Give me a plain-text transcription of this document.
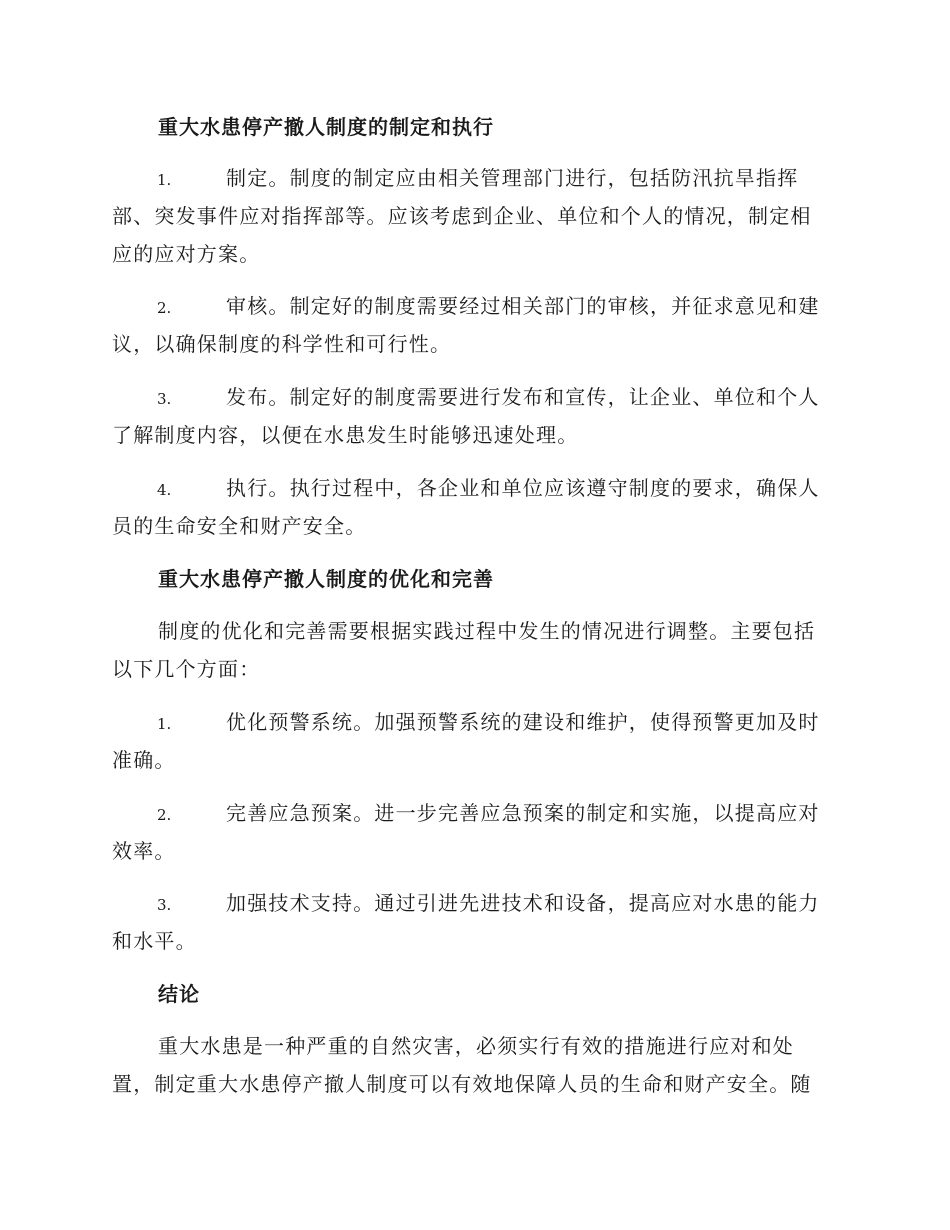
重大水患停产撤人制度的制定和执行
1.	制定。制度的制定应由相关管理部门进行，包括防汛抗旱指挥
部、突发事件应对指挥部等。应该考虑到企业、单位和个人的情况，制定相
应的应对方案。
2.	审核。制定好的制度需要经过相关部门的审核，并征求意见和建
议，以确保制度的科学性和可行性。
3.	发布。制定好的制度需要进行发布和宣传，让企业、单位和个人
了解制度内容，以便在水患发生时能够迅速处理。
4.	执行。执行过程中，各企业和单位应该遵守制度的要求，确保人
员的生命安全和财产安全。
重大水患停产撤人制度的优化和完善
制度的优化和完善需要根据实践过程中发生的情况进行调整。主要包括
以下几个方面：
1.	优化预警系统。加强预警系统的建设和维护，使得预警更加及时
准确。
2.	完善应急预案。进一步完善应急预案的制定和实施，以提高应对
效率。
3.	加强技术支持。通过引进先进技术和设备，提高应对水患的能力
和水平。
结论
重大水患是一种严重的自然灾害，必须实行有效的措施进行应对和处
置，制定重大水患停产撤人制度可以有效地保障人员的生命和财产安全。随
